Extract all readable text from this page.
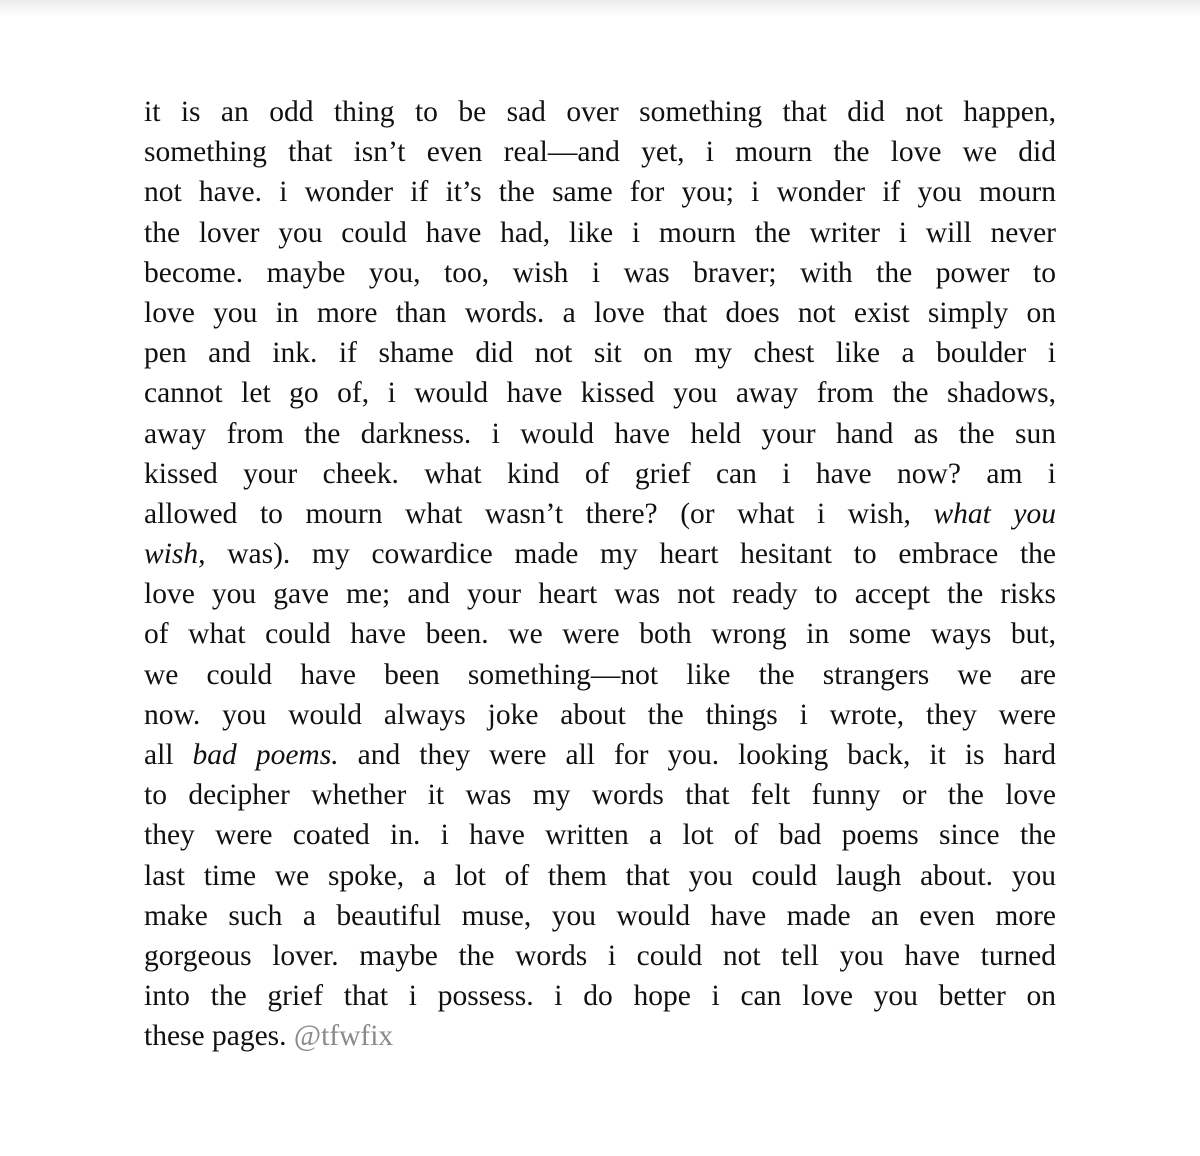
it is an odd thing to be sad over something that did not happen,
something that isn’t even real—and yet, i mourn the love we did
not have. i wonder if it’s the same for you; i wonder if you mourn
the lover you could have had, like i mourn the writer i will never
become. maybe you, too, wish i was braver; with the power to
love you in more than words. a love that does not exist simply on
pen and ink. if shame did not sit on my chest like a boulder i
cannot let go of, i would have kissed you away from the shadows,
away from the darkness. i would have held your hand as the sun
kissed your cheek. what kind of grief can i have now? am i
allowed to mourn what wasn’t there? (or what i wish, what you
wish, was). my cowardice made my heart hesitant to embrace the
love you gave me; and your heart was not ready to accept the risks
of what could have been. we were both wrong in some ways but,
we could have been something—not like the strangers we are
now. you would always joke about the things i wrote, they were
all bad poems. and they were all for you. looking back, it is hard
to decipher whether it was my words that felt funny or the love
they were coated in. i have written a lot of bad poems since the
last time we spoke, a lot of them that you could laugh about. you
make such a beautiful muse, you would have made an even more
gorgeous lover. maybe the words i could not tell you have turned
into the grief that i possess. i do hope i can love you better on
these pages. @tfwfix
